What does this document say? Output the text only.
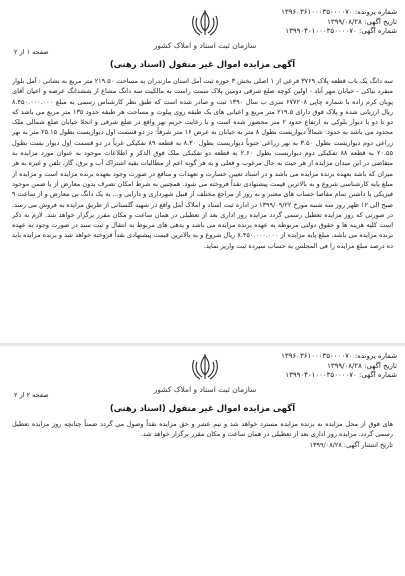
شماره پرونده: ۱۳۹۶۰۳۶۱۰۰۰۳۵۰۰۰۰۷۰
تاریخ آگهی: ۱۳۹۹/۰۸/۲۸
شماره آگهی: ۱۳۹۹۰۴۰۱۰۰۰۳۵۰۰۰۰۷۰
سازمان ثبت اسناد و املاک کشور
صفحه ۱ از ۲
آگهی مزایده اموال غیر منقول (اسناد رهنی)

سه دانگ یک باب قطعه پلاک ۳۷۶۹ فرعی از ۱ اصلی بخش ۳ حوزه ثبت آمل استان مازندران به مساحت ۲۱۹.۵۰ متر مربع به نشانی : آمل بلوار منفرد نیاکی - خیابان مهر آباد - اولین کوچه ضلع شرقی دومین پلاک سمت راست به مالکیت سه دانگ مشاع از ششدانگ عرصه و اعیان آقای پویان کرم زاده با شماره چاپی ۶۷۷۲۰۸ سری ب سال ۱۳۹۰ ثبت و صادر شده است که طبق نظر کارشناس رسمی به مبلغ ۸.۴۵۰.۰۰۰.۰۰۰ ریال ارزیابی شده و پلاک فوق دارای ۲۱۹.۵ متر مربع و اعیانی های یک طبقه روی پیلوت و مساحت هر طبقه حدود ۱۳۵ متر مربع می باشد که دو تا دو با دیوار بلوکی به ارتفاع حدود ۲ متر محصور شده است و با رعایت حریم نهر واقع در ضلع شرقی و انحلا خیابان ضلع شمالی ملک محدود می باشد به حدود: شمالاً دیوارپست بطول ۸ متر به خیابان به عرض ۱۶ متر شرقاً: در دو قسمت اول دیواریست بطول ۲۵.۱۵ متر به نهر زراعی دوم دیواریست بطول ۳.۵۰ به نهر زراعی جنوباً دیواریست بطول ۸.۳۰ به قطعه ۸۹ تفکیکی غرباً در دو قسمت اول دیوار بست بطول ۲۰.۵۵ به قطعه ۸۸ تفکیکی دوم دیواریست بطول ۲.۶۰ به قطعه دو تفکیکی ملک فوق الذکر و اطلاعات موجود به عنوان مورد مزایده به متقاضی در این میدان مزایده از هر حیث به حال مرغوب و فعلی و به هر گونه اعم از مطالبات بقیه اشتراک آب و برق، گاز، تلفن و غیره به هر میزان که باشد بعهده برنده مزایده می باشد و در اسناد تعیین خسارت و تعهدات و منافع در صورت وجود بعهده برنده مزایده است و مزایده از مبلغ پایه کارشناسی شروع و به بالاترین قیمت پیشنهادی نقداً فروخته می شود. همچنین به شرط امکان تصرف بدون معارض از یا ضمن موجود فیزیکی یا داشتن تمام مفاصا حساب های معتبر و به روز از مراجع مختلف از قبیل شهرداری و دارایی و... به یک دانگ بی معارض و از ساعت ۹ صبح الی ۱۲ ظهر روز سه شنبه مورخ ۱۳۹۹/۰۹/۲۲ در اداره ثبت اسناد و املاک آمل واقع در شهید گلستانی از طریق مزایده به فروش می رسد. در صورتی که روز مزایده تعطیل رسمی گردد مزایده روز اداری بعد از تعطیلی در همان ساعت و مکان مقرر برگزار خواهد شد. لازم به ذکر است کلیه هزینه ها و حقوق دولتی مربوطه به عهده برنده مزایده می باشد و بدهی های مربوط به انتقال و ثبت سند در صورت وجود به عهده برنده مزایده می باشد. مبلغ پایه مزایده از ۸.۴۵۰.۰۰۰.۰۰۰ ریال شروع و به بالاترین قیمت پیشنهادی نقداً فروخته خواهد شد و برنده مزایده باید ده درصد مبلغ مزایده را فی المجلس به حساب سپرده ثبت واریز نماید.

شماره پرونده: ۱۳۹۶۰۳۶۱۰۰۰۳۵۰۰۰۰۷۰
تاریخ آگهی: ۱۳۹۹/۰۸/۲۸
شماره آگهی: ۱۳۹۹۰۴۰۱۰۰۰۳۵۰۰۰۰۷۰
سازمان ثبت اسناد و املاک کشور
صفحه ۲ از ۲
آگهی مزایده اموال غیر منقول (اسناد رهنی)

های فوق از محل مزایده به برنده مزایده مسترد خواهد شد و نیم عشر و حق مزایده نقداً وصول می گردد ضمناً چنانچه روز مزایده تعطیل رسمی گردد، مزایده روز اداری بعد از تعطیلی در همان ساعت و مکان مقرر برگزار خواهد شد.

تاریخ انتشار آگهی: ۱۳۹۹/۰۸/۲۸
